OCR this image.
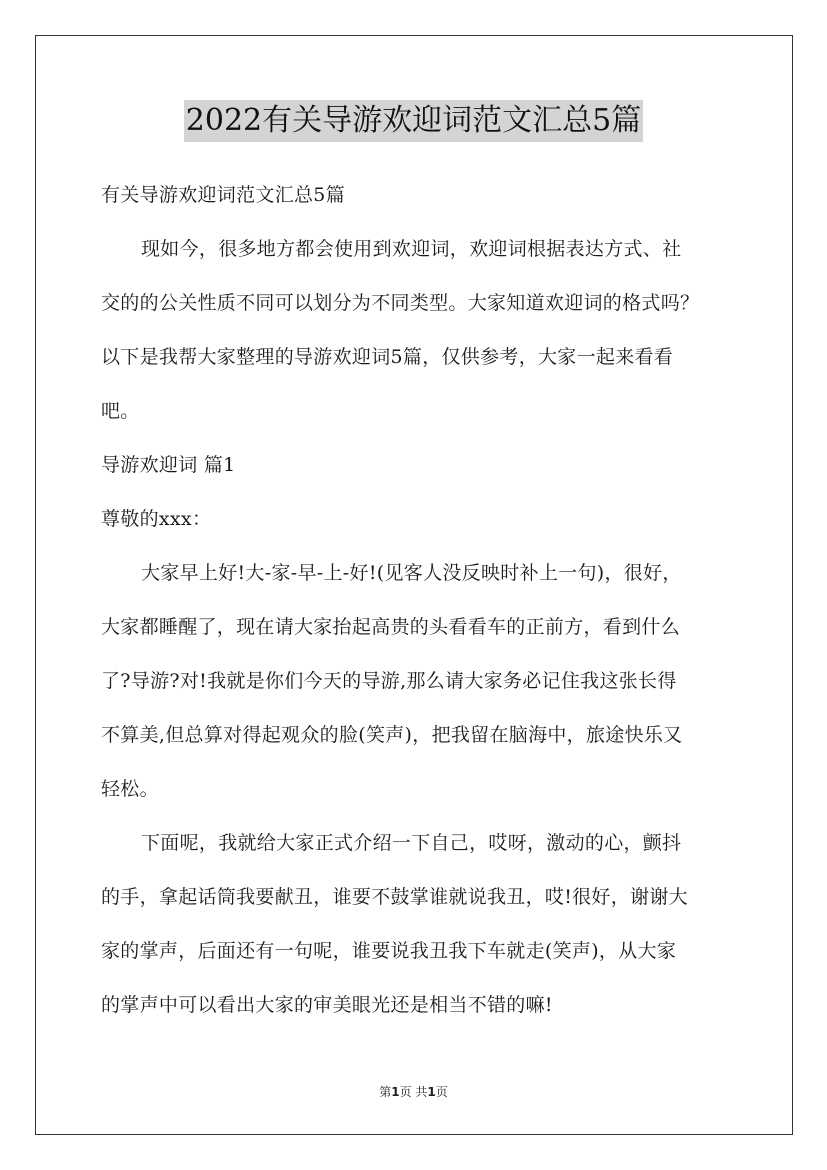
2022有关导游欢迎词范文汇总5篇
有关导游欢迎词范文汇总5篇
现如今，很多地方都会使用到欢迎词，欢迎词根据表达方式、社
交的的公关性质不同可以划分为不同类型。大家知道欢迎词的格式吗？
以下是我帮大家整理的导游欢迎词5篇，仅供参考，大家一起来看看
吧。
导游欢迎词 篇1
尊敬的xxx：
大家早上好!大-家-早-上-好!(见客人没反映时补上一句)，很好，
大家都睡醒了，现在请大家抬起高贵的头看看车的正前方，看到什么
了?导游?对!我就是你们今天的导游,那么请大家务必记住我这张长得
不算美,但总算对得起观众的脸(笑声)，把我留在脑海中，旅途快乐又
轻松。
下面呢，我就给大家正式介绍一下自己，哎呀，激动的心，颤抖
的手，拿起话筒我要献丑，谁要不鼓掌谁就说我丑，哎!很好，谢谢大
家的掌声，后面还有一句呢，谁要说我丑我下车就走(笑声)，从大家
的掌声中可以看出大家的审美眼光还是相当不错的嘛!
第1页 共1页
